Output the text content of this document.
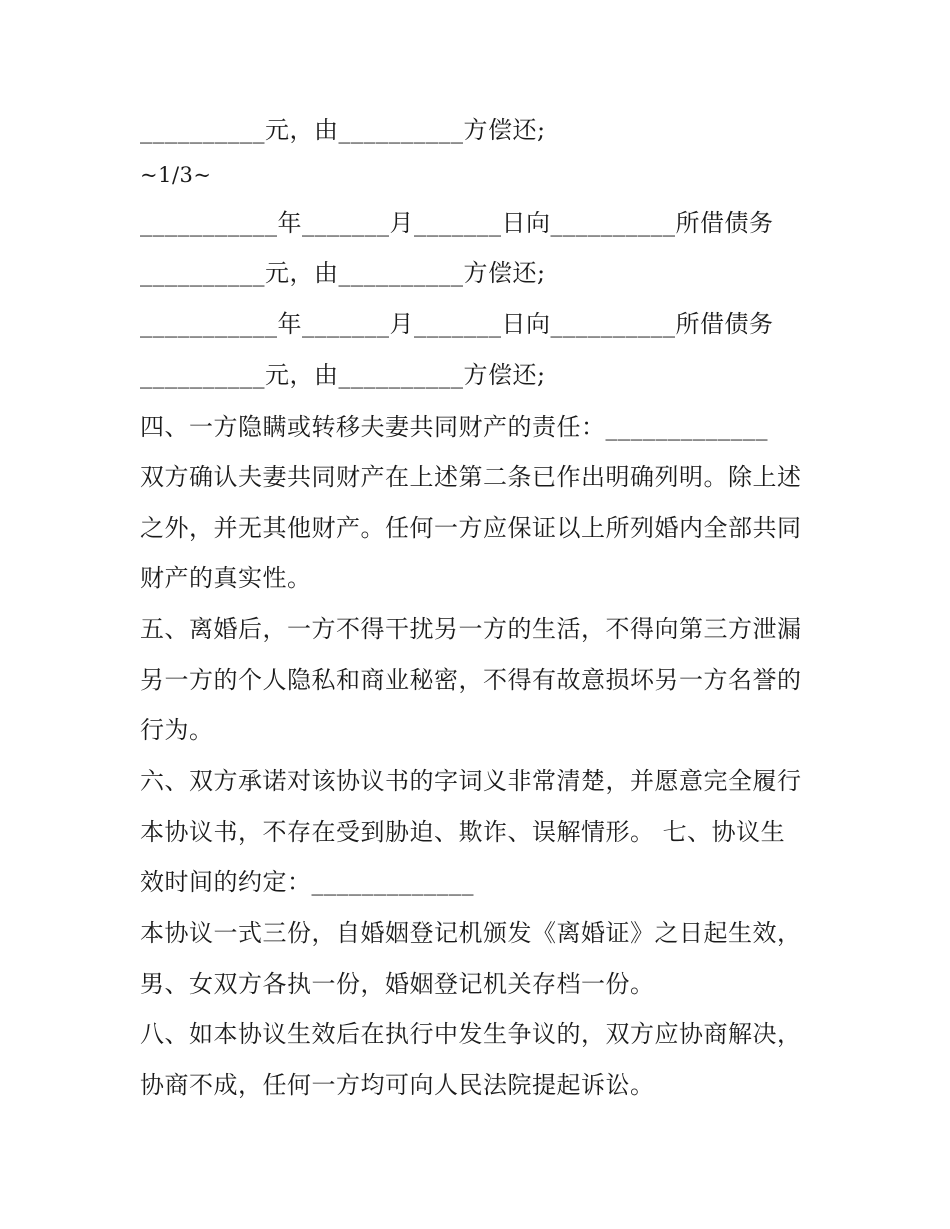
__________元，由__________方偿还;
~1/3~
___________年_______月_______日向__________所借债务
__________元，由__________方偿还;
___________年_______月_______日向__________所借债务
__________元，由__________方偿还;
四、一方隐瞒或转移夫妻共同财产的责任：_____________
双方确认夫妻共同财产在上述第二条已作出明确列明。除上述
之外，并无其他财产。任何一方应保证以上所列婚内全部共同
财产的真实性。
五、离婚后，一方不得干扰另一方的生活，不得向第三方泄漏
另一方的个人隐私和商业秘密，不得有故意损坏另一方名誉的
行为。
六、双方承诺对该协议书的字词义非常清楚，并愿意完全履行
本协议书，不存在受到胁迫、欺诈、误解情形。 七、协议生
效时间的约定：_____________
本协议一式三份，自婚姻登记机颁发《离婚证》之日起生效，
男、女双方各执一份，婚姻登记机关存档一份。
八、如本协议生效后在执行中发生争议的，双方应协商解决，
协商不成，任何一方均可向人民法院提起诉讼。
